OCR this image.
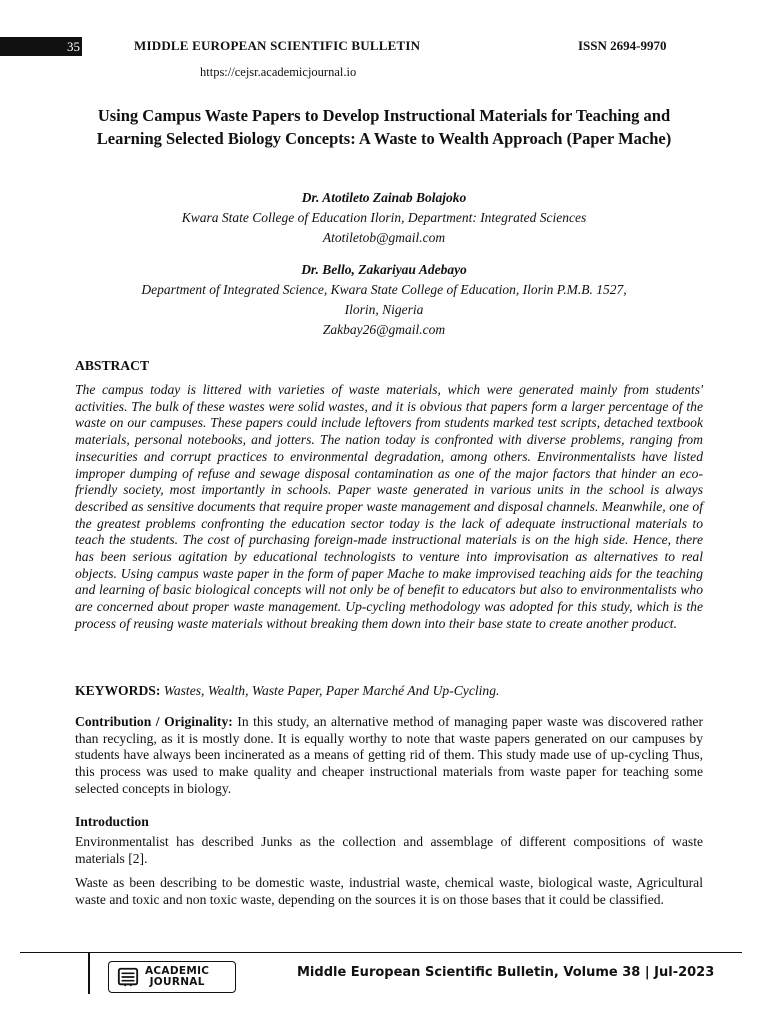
35	MIDDLE EUROPEAN SCIENTIFIC BULLETIN	ISSN 2694-9970
https://cejsr.academicjournal.io
Using Campus Waste Papers to Develop Instructional Materials for Teaching and Learning Selected Biology Concepts: A Waste to Wealth Approach (Paper Mache)
Dr. Atotileto Zainab Bolajoko
Kwara State College of Education Ilorin, Department: Integrated Sciences
Atotiletob@gmail.com
Dr. Bello, Zakariyau Adebayo
Department of Integrated Science, Kwara State College of Education, Ilorin P.M.B. 1527,
Ilorin, Nigeria
Zakbay26@gmail.com
ABSTRACT
The campus today is littered with varieties of waste materials, which were generated mainly from students' activities. The bulk of these wastes were solid wastes, and it is obvious that papers form a larger percentage of the waste on our campuses. These papers could include leftovers from students marked test scripts, detached textbook materials, personal notebooks, and jotters. The nation today is confronted with diverse problems, ranging from insecurities and corrupt practices to environmental degradation, among others. Environmentalists have listed improper dumping of refuse and sewage disposal contamination as one of the major factors that hinder an eco-friendly society, most importantly in schools. Paper waste generated in various units in the school is always described as sensitive documents that require proper waste management and disposal channels. Meanwhile, one of the greatest problems confronting the education sector today is the lack of adequate instructional materials to teach the students. The cost of purchasing foreign-made instructional materials is on the high side. Hence, there has been serious agitation by educational technologists to venture into improvisation as alternatives to real objects. Using campus waste paper in the form of paper Mache to make improvised teaching aids for the teaching and learning of basic biological concepts will not only be of benefit to educators but also to environmentalists who are concerned about proper waste management. Up-cycling methodology was adopted for this study, which is the process of reusing waste materials without breaking them down into their base state to create another product.
KEYWORDS: Wastes, Wealth, Waste Paper, Paper Marché And Up-Cycling.
Contribution / Originality: In this study, an alternative method of managing paper waste was discovered rather than recycling, as it is mostly done. It is equally worthy to note that waste papers generated on our campuses by students have always been incinerated as a means of getting rid of them. This study made use of up-cycling Thus, this process was used to make quality and cheaper instructional materials from waste paper for teaching some selected concepts in biology.
Introduction
Environmentalist has described Junks as the collection and assemblage of different compositions of waste materials [2].
Waste as been describing to be domestic waste, industrial waste, chemical waste, biological waste, Agricultural waste and toxic and non toxic waste, depending on the sources it is on those bases that it could be classified.
ACADEMIC
JOURNAL
Middle European Scientific Bulletin, Volume 38 | Jul-2023
